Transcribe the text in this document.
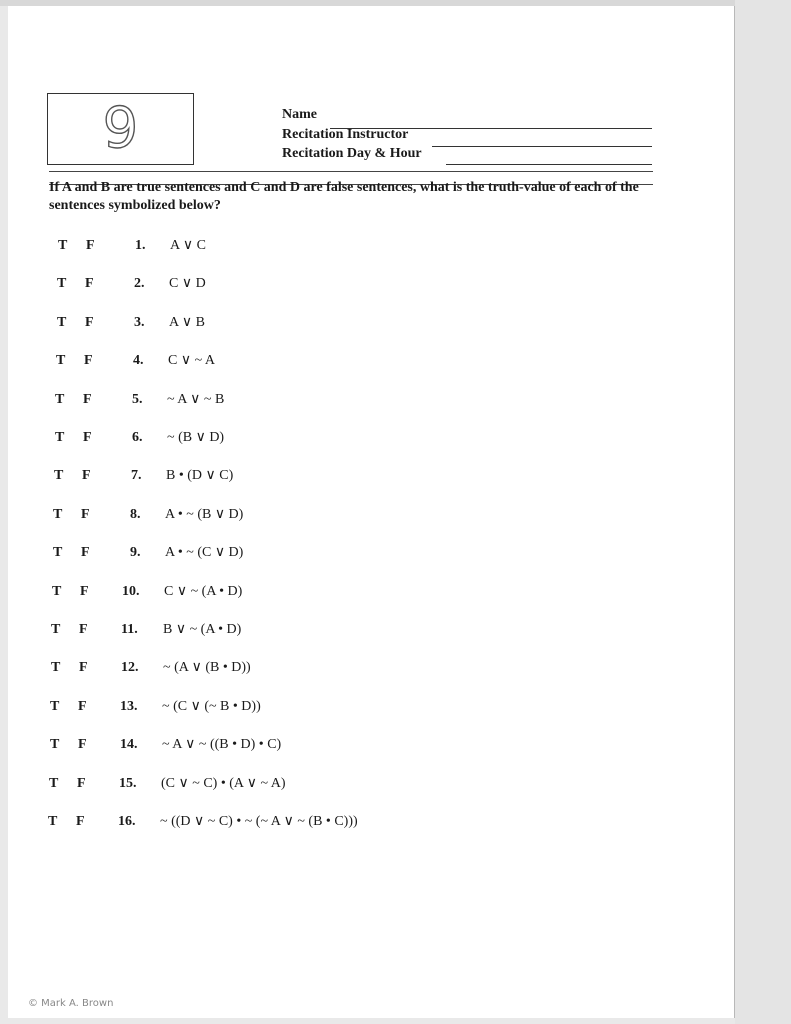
9	Name
Recitation Instructor
Recitation Day & Hour
If A and B are true sentences and C and D are false sentences, what is the truth-value of each of the sentences symbolized below?
T F	1. A ∨ C
T F	2. C ∨ D
T F	3. A ∨ B
T F	4. C ∨ ~ A
T F	5. ~ A ∨ ~ B
T F	6. ~ (B ∨ D)
T F	7. B • (D ∨ C)
T F	8. A • ~ (B ∨ D)
T F	9. A • ~ (C ∨ D)
T F 10. C ∨ ~ (A • D)
T F 11. B ∨ ~ (A • D)
T F 12. ~ (A ∨ (B • D))
T F 13. ~ (C ∨ (~ B • D))
T F 14. ~ A ∨ ~ ((B • D) • C)
T F 15. (C ∨ ~ C) • (A ∨ ~ A)
T F 16. ~ ((D ∨ ~ C) • ~ (~ A ∨ ~ (B • C)))
© Mark A. Brown
